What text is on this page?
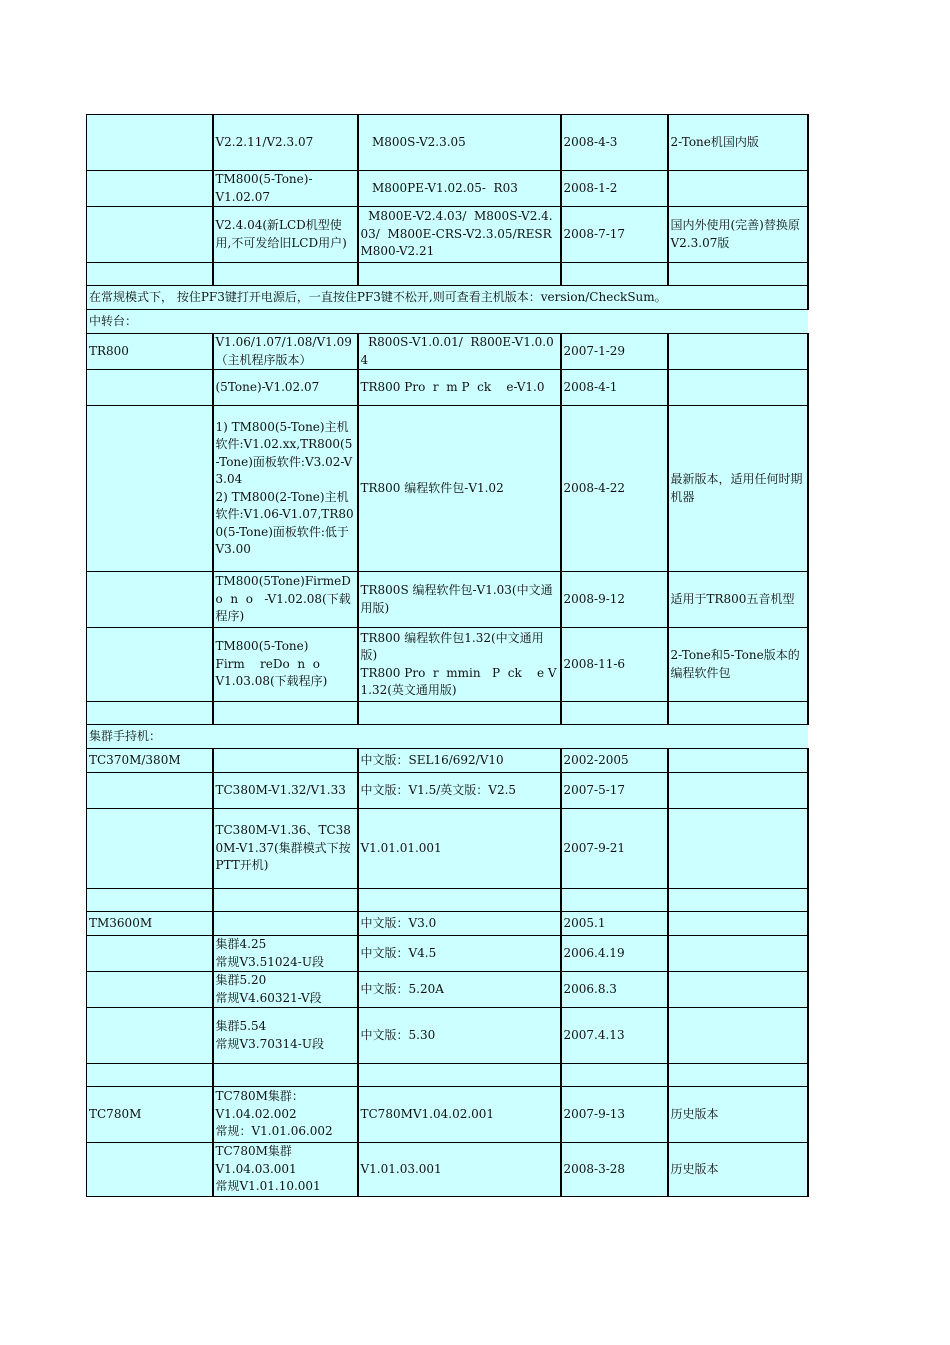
	V2.2.11/V2.3.07	M800S-V2.3.05	2008-4-3	2-Tone机国内版
	TM800(5-Tone)-
V1.02.07	M800PE-V1.02.05-  R03	2008-1-2	
	V2.4.04(新LCD机型使用,不可发给旧LCD用户)	M800E-V2.4.03/  M800S-V2.4.03/  M800E-CRS-V2.3.05/RESRM800-V2.21	2008-7-17	国内外使用(完善)替换原V2.3.07版

在常规模式下， 按住PF3键打开电源后，一直按住PF3键不松开,则可查看主机版本：version/CheckSum。				
中转台：				
TR800	V1.06/1.07/1.08/V1.09（主机程序版本）	R800S-V1.0.01/  R800E-V1.0.04	2007-1-29	
	(5Tone)-V1.02.07	TR800 Pro  r  m P  ck    e-V1.0	2008-4-1	
	1) TM800(5-Tone)主机软件:V1.02.xx,TR800(5-Tone)面板软件:V3.02-V3.04
2) TM800(2-Tone)主机软件:V1.06-V1.07,TR800(5-Tone)面板软件:低于V3.00	TR800 编程软件包-V1.02	2008-4-22	最新版本，适用任何时期机器
	TM800(5Tone)FirmeDo  n  o   -V1.02.08(下载程序)	TR800S 编程软件包-V1.03(中文通用版)	2008-9-12	适用于TR800五音机型
	TM800(5-Tone)
Firm    reDo  n  o
V1.03.08(下载程序)	TR800 编程软件包1.32(中文通用版)
TR800 Pro  r  mmin   P  ck    e V1.32(英文通用版)	2008-11-6	2-Tone和5-Tone版本的编程软件包

集群手持机：				
TC370M/380M		中文版：SEL16/692/V10	2002-2005	
	TC380M-V1.32/V1.33	中文版：V1.5/英文版：V2.5	2007-5-17	
	TC380M-V1.36、TC380M-V1.37(集群模式下按PTT开机)	V1.01.01.001	2007-9-21	

TM3600M		中文版：V3.0	2005.1	
	集群4.25
常规V3.51024-U段	中文版：V4.5	2006.4.19	
	集群5.20
常规V4.60321-V段	中文版：5.20A	2006.8.3	
	集群5.54
常规V3.70314-U段	中文版：5.30	2007.4.13	

TC780M	TC780M集群：
V1.04.02.002
常规：V1.01.06.002	TC780MV1.04.02.001	2007-9-13	历史版本
	TC780M集群
V1.04.03.001
常规V1.01.10.001	V1.01.03.001	2008-3-28	历史版本
